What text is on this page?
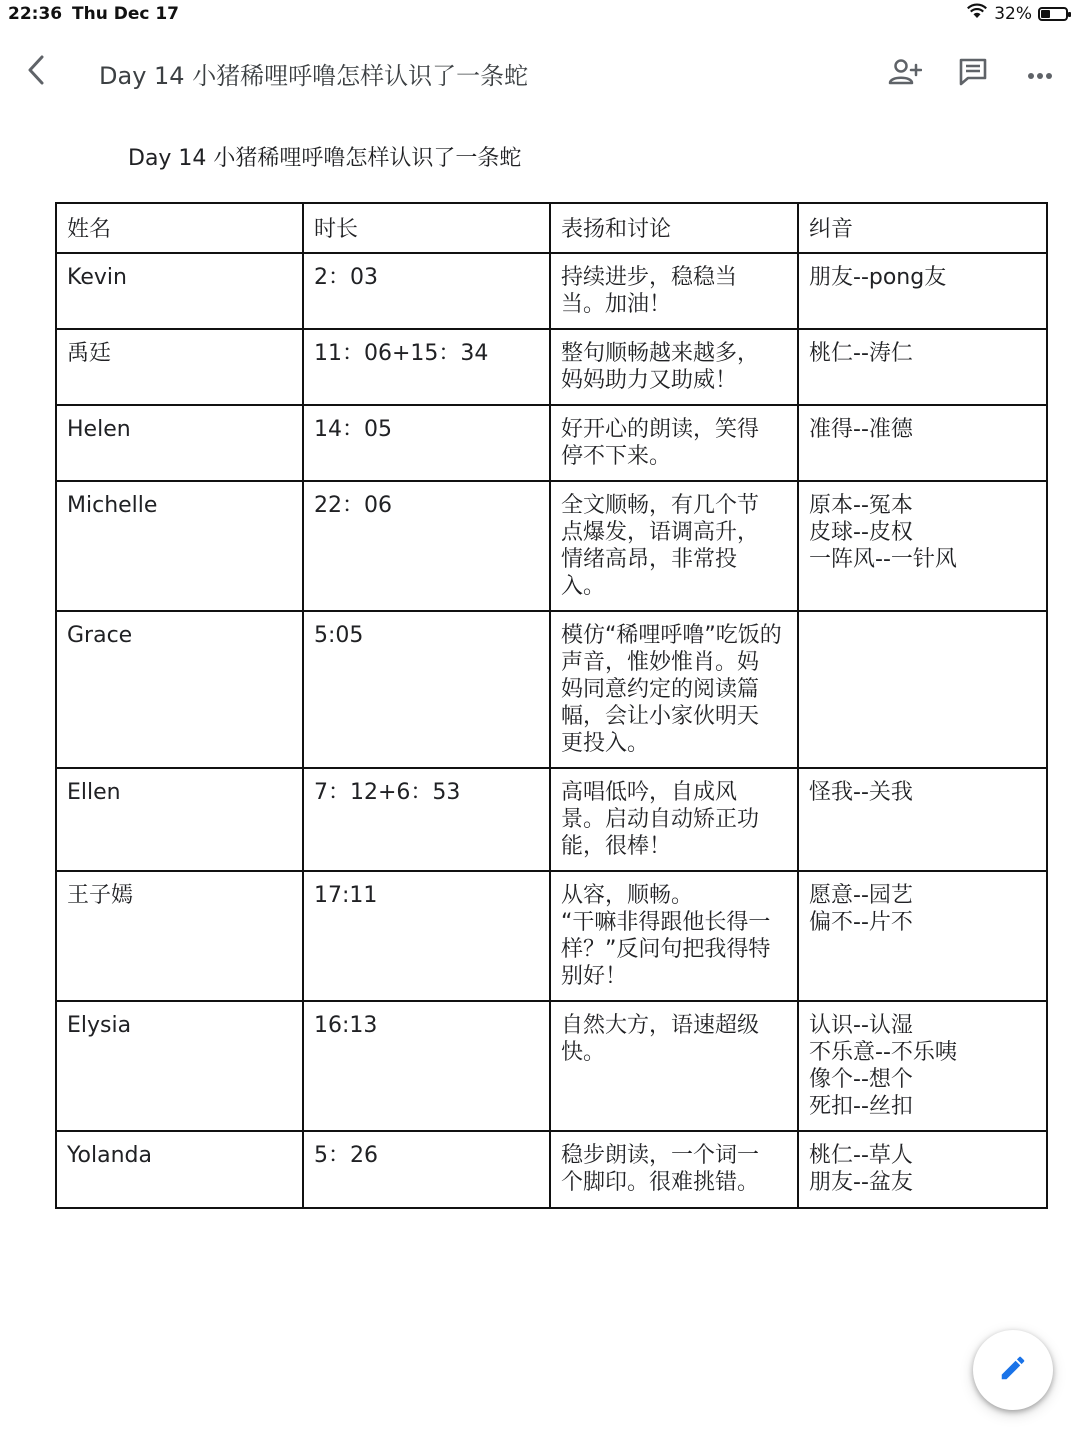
22:36 Thu Dec 17	32%
Day 14 小猪稀哩呼噜怎样认识了一条蛇
Day 14 小猪稀哩呼噜怎样认识了一条蛇
姓名	时长	表扬和讨论	纠音
Kevin	2：03	持续进步，稳稳当
当。加油！	朋友--pong友
禹廷	11：06+15：34	整句顺畅越来越多，
妈妈助力又助威！	桃仁--涛仁
Helen	14：05	好开心的朗读，笑得
停不下来。	准得--准德
Michelle	22：06	全文顺畅，有几个节
点爆发，语调高升，
情绪高昂，非常投
入。	原本--冤本
皮球--皮权
一阵风--一针风
Grace	5:05	模仿“稀哩呼噜”吃饭的
声音，惟妙惟肖。妈
妈同意约定的阅读篇
幅，会让小家伙明天
更投入。	
Ellen	7：12+6：53	高唱低吟，自成风
景。启动自动矫正功
能，很棒！	怪我--关我
王子嫣	17:11	从容，顺畅。
“干嘛非得跟他长得一
样？”反问句把我得特
别好！	愿意--园艺
偏不--片不
Elysia	16:13	自然大方，语速超级
快。	认识--认湿
不乐意--不乐咦
像个--想个
死扣--丝扣
Yolanda	5：26	稳步朗读，一个词一
个脚印。很难挑错。	桃仁--草人
朋友--盆友
